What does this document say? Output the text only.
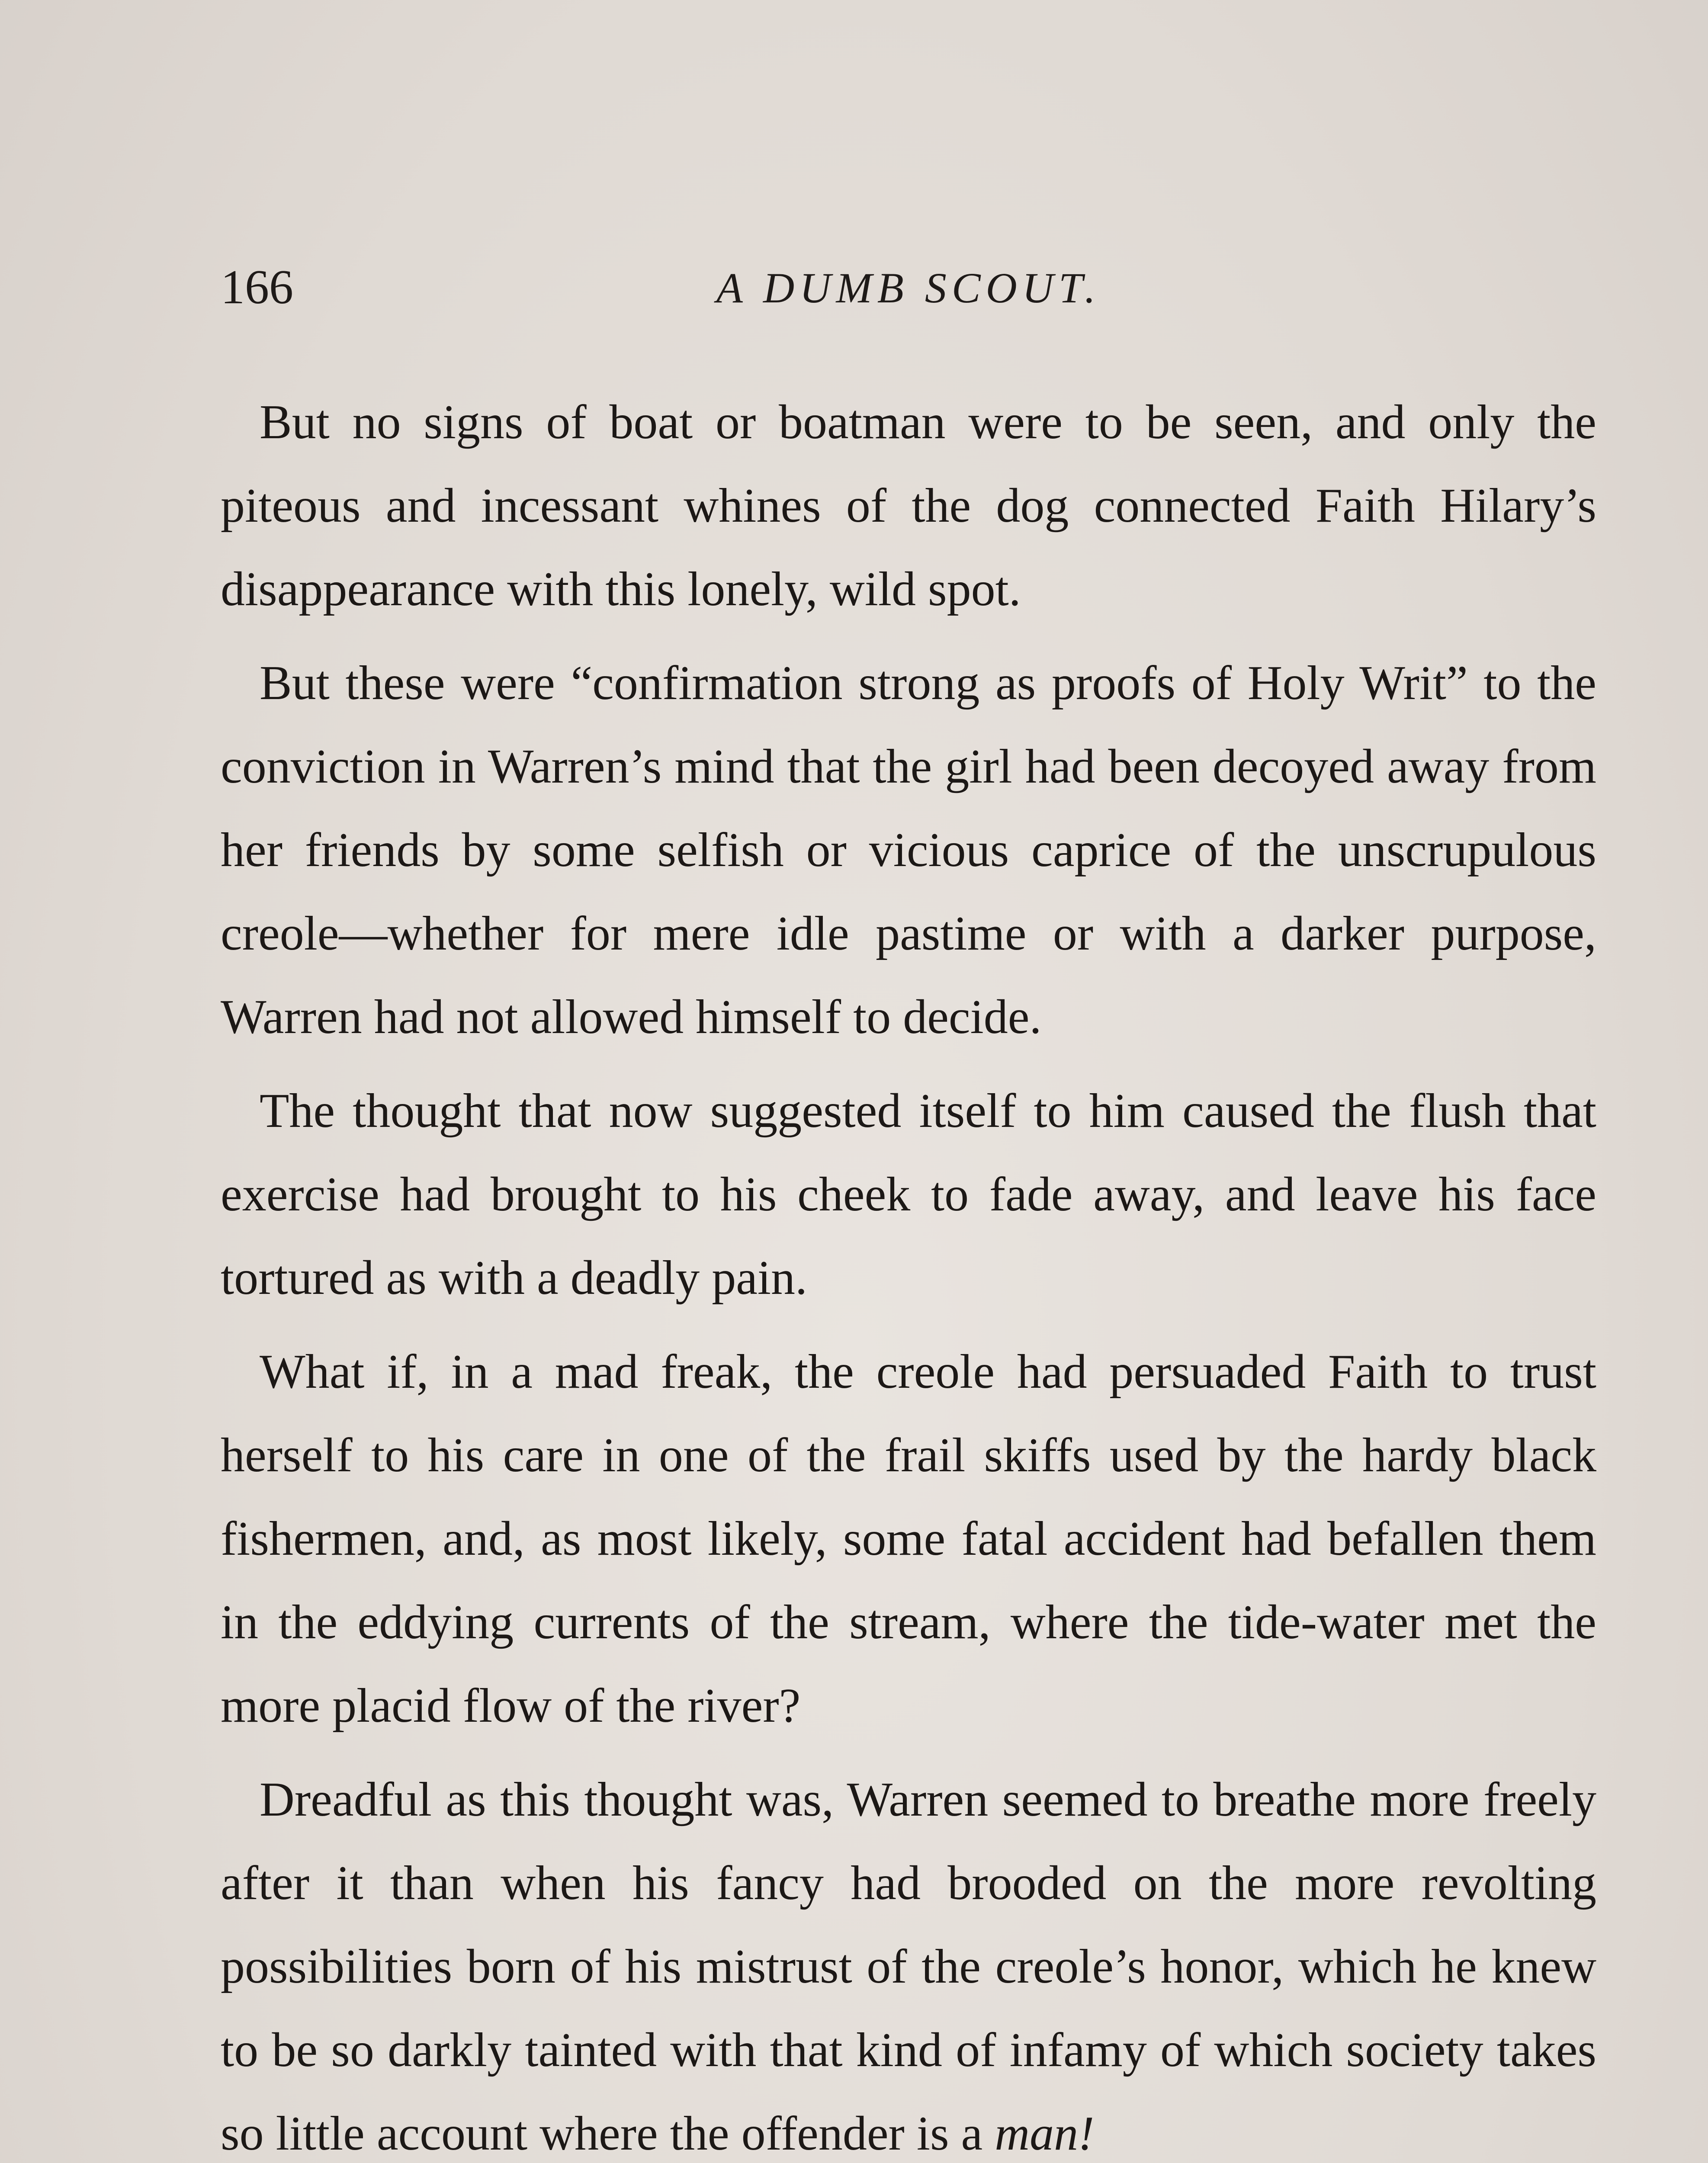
166	A DUMB SCOUT.

But no signs of boat or boatman were to be seen, and only the piteous and incessant whines of the dog connected Faith Hilary’s disappearance with this lonely, wild spot.

But these were “confirmation strong as proofs of Holy Writ” to the conviction in Warren’s mind that the girl had been decoyed away from her friends by some selfish or vicious caprice of the unscrupulous creole—whether for mere idle pastime or with a darker purpose, Warren had not allowed himself to decide.

The thought that now suggested itself to him caused the flush that exercise had brought to his cheek to fade away, and leave his face tortured as with a deadly pain.

What if, in a mad freak, the creole had persuaded Faith to trust herself to his care in one of the frail skiffs used by the hardy black fishermen, and, as most likely, some fatal accident had befallen them in the eddying currents of the stream, where the tide-water met the more placid flow of the river?

Dreadful as this thought was, Warren seemed to breathe more freely after it than when his fancy had brooded on the more revolting possibilities born of his mistrust of the creole’s honor, which he knew to be so darkly tainted with that kind of infamy of which society takes so little account where the offender is a man!
